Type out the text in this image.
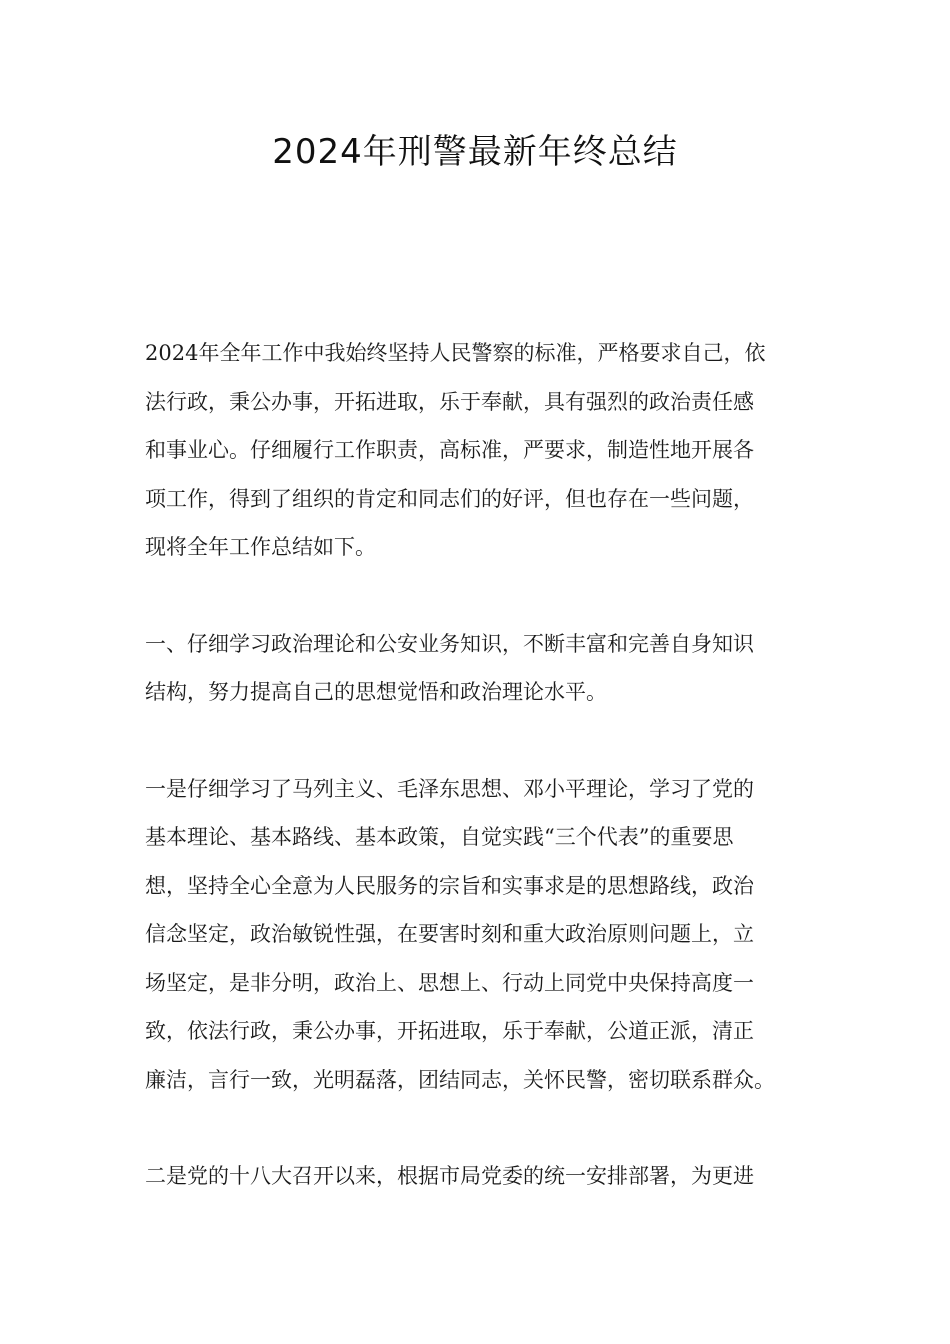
2024年刑警最新年终总结

2024年全年工作中我始终坚持人民警察的标准，严格要求自己，依

法行政，秉公办事，开拓进取，乐于奉献，具有强烈的政治责任感

和事业心。仔细履行工作职责，高标准，严要求，制造性地开展各

项工作，得到了组织的肯定和同志们的好评，但也存在一些问题，

现将全年工作总结如下。

一、仔细学习政治理论和公安业务知识，不断丰富和完善自身知识

结构，努力提高自己的思想觉悟和政治理论水平。

一是仔细学习了马列主义、毛泽东思想、邓小平理论，学习了党的

基本理论、基本路线、基本政策，自觉实践“三个代表”的重要思

想，坚持全心全意为人民服务的宗旨和实事求是的思想路线，政治

信念坚定，政治敏锐性强，在要害时刻和重大政治原则问题上，立

场坚定，是非分明，政治上、思想上、行动上同党中央保持高度一

致，依法行政，秉公办事，开拓进取，乐于奉献，公道正派，清正

廉洁，言行一致，光明磊落，团结同志，关怀民警，密切联系群众。

二是党的十八大召开以来，根据市局党委的统一安排部署，为更进
